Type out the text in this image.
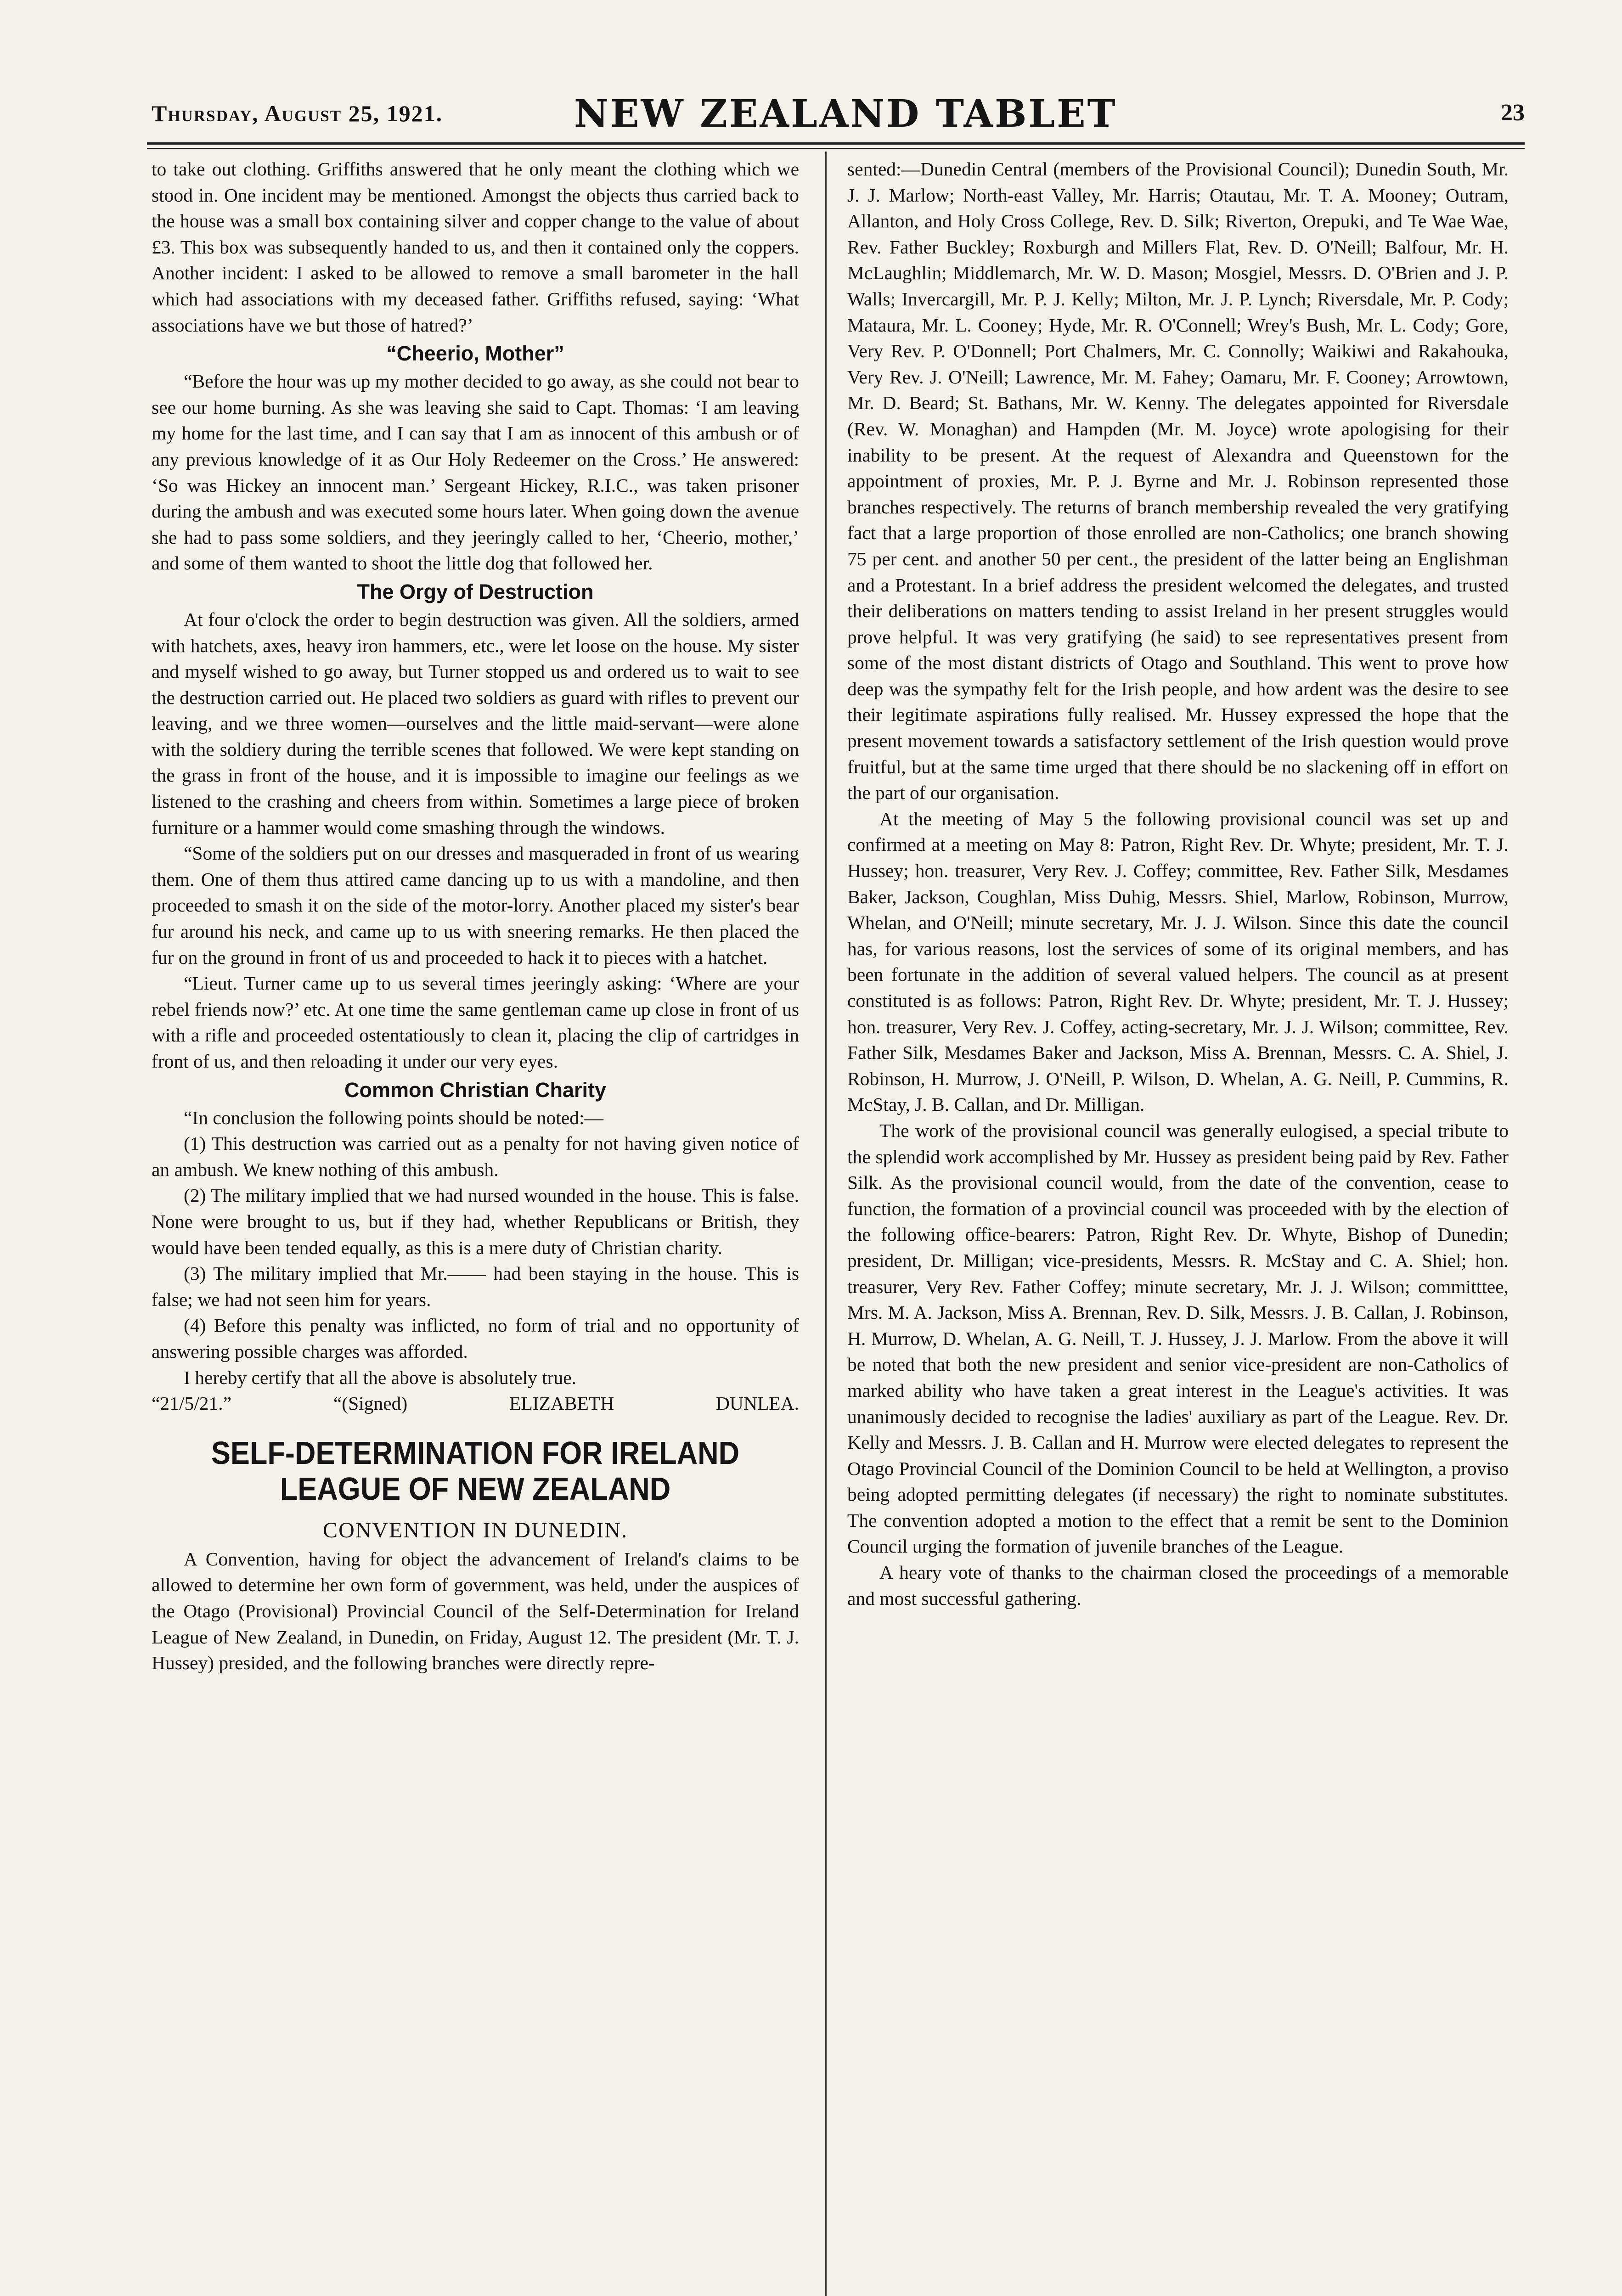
Thursday, August 25, 1921.	NEW ZEALAND TABLET	23

to take out clothing. Griffiths answered that he only meant the clothing which we stood in. One incident may be mentioned. Amongst the objects thus carried back to the house was a small box containing silver and copper change to the value of about £3. This box was subsequently handed to us, and then it contained only the coppers. Another incident: I asked to be allowed to remove a small barometer in the hall which had associations with my deceased father. Griffiths refused, saying: ‘What associations have we but those of hatred?’

“Cheerio, Mother”

“Before the hour was up my mother decided to go away, as she could not bear to see our home burning. As she was leaving she said to Capt. Thomas: ‘I am leaving my home for the last time, and I can say that I am as innocent of this ambush or of any previous knowledge of it as Our Holy Redeemer on the Cross.’ He answered: ‘So was Hickey an innocent man.’ Sergeant Hickey, R.I.C., was taken prisoner during the ambush and was executed some hours later. When going down the avenue she had to pass some soldiers, and they jeeringly called to her, ‘Cheerio, mother,’ and some of them wanted to shoot the little dog that followed her.

The Orgy of Destruction

At four o'clock the order to begin destruction was given. All the soldiers, armed with hatchets, axes, heavy iron hammers, etc., were let loose on the house. My sister and myself wished to go away, but Turner stopped us and ordered us to wait to see the destruction carried out. He placed two soldiers as guard with rifles to prevent our leaving, and we three women—ourselves and the little maid-servant—were alone with the soldiery during the terrible scenes that followed. We were kept standing on the grass in front of the house, and it is impossible to imagine our feelings as we listened to the crashing and cheers from within. Sometimes a large piece of broken furniture or a hammer would come smashing through the windows.

“Some of the soldiers put on our dresses and masqueraded in front of us wearing them. One of them thus attired came dancing up to us with a mandoline, and then proceeded to smash it on the side of the motor-lorry. Another placed my sister's bear fur around his neck, and came up to us with sneering remarks. He then placed the fur on the ground in front of us and proceeded to hack it to pieces with a hatchet.

“Lieut. Turner came up to us several times jeeringly asking: ‘Where are your rebel friends now?’ etc. At one time the same gentleman came up close in front of us with a rifle and proceeded ostentatiously to clean it, placing the clip of cartridges in front of us, and then reloading it under our very eyes.

Common Christian Charity

“In conclusion the following points should be noted:—

(1) This destruction was carried out as a penalty for not having given notice of an ambush. We knew nothing of this ambush.

(2) The military implied that we had nursed wounded in the house. This is false. None were brought to us, but if they had, whether Republicans or British, they would have been tended equally, as this is a mere duty of Christian charity.

(3) The military implied that Mr.—— had been staying in the house. This is false; we had not seen him for years.

(4) Before this penalty was inflicted, no form of trial and no opportunity of answering possible charges was afforded.

I hereby certify that all the above is absolutely true.

“21/5/21.”	“(Signed) ELIZABETH DUNLEA.

SELF-DETERMINATION FOR IRELAND LEAGUE OF NEW ZEALAND
CONVENTION IN DUNEDIN.

A Convention, having for object the advancement of Ireland's claims to be allowed to determine her own form of government, was held, under the auspices of the Otago (Provisional) Provincial Council of the Self-Determination for Ireland League of New Zealand, in Dunedin, on Friday, August 12. The president (Mr. T. J. Hussey) presided, and the following branches were directly repre-

sented:—Dunedin Central (members of the Provisional Council); Dunedin South, Mr. J. J. Marlow; North-east Valley, Mr. Harris; Otautau, Mr. T. A. Mooney; Outram, Allanton, and Holy Cross College, Rev. D. Silk; Riverton, Orepuki, and Te Wae Wae, Rev. Father Buckley; Roxburgh and Millers Flat, Rev. D. O'Neill; Balfour, Mr. H. McLaughlin; Middlemarch, Mr. W. D. Mason; Mosgiel, Messrs. D. O'Brien and J. P. Walls; Invercargill, Mr. P. J. Kelly; Milton, Mr. J. P. Lynch; Riversdale, Mr. P. Cody; Mataura, Mr. L. Cooney; Hyde, Mr. R. O'Connell; Wrey's Bush, Mr. L. Cody; Gore, Very Rev. P. O'Donnell; Port Chalmers, Mr. C. Connolly; Waikiwi and Rakahouka, Very Rev. J. O'Neill; Lawrence, Mr. M. Fahey; Oamaru, Mr. F. Cooney; Arrowtown, Mr. D. Beard; St. Bathans, Mr. W. Kenny. The delegates appointed for Riversdale (Rev. W. Monaghan) and Hampden (Mr. M. Joyce) wrote apologising for their inability to be present. At the request of Alexandra and Queenstown for the appointment of proxies, Mr. P. J. Byrne and Mr. J. Robinson represented those branches respectively. The returns of branch membership revealed the very gratifying fact that a large proportion of those enrolled are non-Catholics; one branch showing 75 per cent. and another 50 per cent., the president of the latter being an Englishman and a Protestant. In a brief address the president welcomed the delegates, and trusted their deliberations on matters tending to assist Ireland in her present struggles would prove helpful. It was very gratifying (he said) to see representatives present from some of the most distant districts of Otago and Southland. This went to prove how deep was the sympathy felt for the Irish people, and how ardent was the desire to see their legitimate aspirations fully realised. Mr. Hussey expressed the hope that the present movement towards a satisfactory settlement of the Irish question would prove fruitful, but at the same time urged that there should be no slackening off in effort on the part of our organisation.

At the meeting of May 5 the following provisional council was set up and confirmed at a meeting on May 8: Patron, Right Rev. Dr. Whyte; president, Mr. T. J. Hussey; hon. treasurer, Very Rev. J. Coffey; committee, Rev. Father Silk, Mesdames Baker, Jackson, Coughlan, Miss Duhig, Messrs. Shiel, Marlow, Robinson, Murrow, Whelan, and O'Neill; minute secretary, Mr. J. J. Wilson. Since this date the council has, for various reasons, lost the services of some of its original members, and has been fortunate in the addition of several valued helpers. The council as at present constituted is as follows: Patron, Right Rev. Dr. Whyte; president, Mr. T. J. Hussey; hon. treasurer, Very Rev. J. Coffey, acting-secretary, Mr. J. J. Wilson; committee, Rev. Father Silk, Mesdames Baker and Jackson, Miss A. Brennan, Messrs. C. A. Shiel, J. Robinson, H. Murrow, J. O'Neill, P. Wilson, D. Whelan, A. G. Neill, P. Cummins, R. McStay, J. B. Callan, and Dr. Milligan.

The work of the provisional council was generally eulogised, a special tribute to the splendid work accomplished by Mr. Hussey as president being paid by Rev. Father Silk. As the provisional council would, from the date of the convention, cease to function, the formation of a provincial council was proceeded with by the election of the following office-bearers: Patron, Right Rev. Dr. Whyte, Bishop of Dunedin; president, Dr. Milligan; vice-presidents, Messrs. R. McStay and C. A. Shiel; hon. treasurer, Very Rev. Father Coffey; minute secretary, Mr. J. J. Wilson; committtee, Mrs. M. A. Jackson, Miss A. Brennan, Rev. D. Silk, Messrs. J. B. Callan, J. Robinson, H. Murrow, D. Whelan, A. G. Neill, T. J. Hussey, J. J. Marlow. From the above it will be noted that both the new president and senior vice-president are non-Catholics of marked ability who have taken a great interest in the League's activities. It was unanimously decided to recognise the ladies' auxiliary as part of the League. Rev. Dr. Kelly and Messrs. J. B. Callan and H. Murrow were elected delegates to represent the Otago Provincial Council of the Dominion Council to be held at Wellington, a proviso being adopted permitting delegates (if necessary) the right to nominate substitutes. The convention adopted a motion to the effect that a remit be sent to the Dominion Council urging the formation of juvenile branches of the League.

A heary vote of thanks to the chairman closed the proceedings of a memorable and most successful gathering.
